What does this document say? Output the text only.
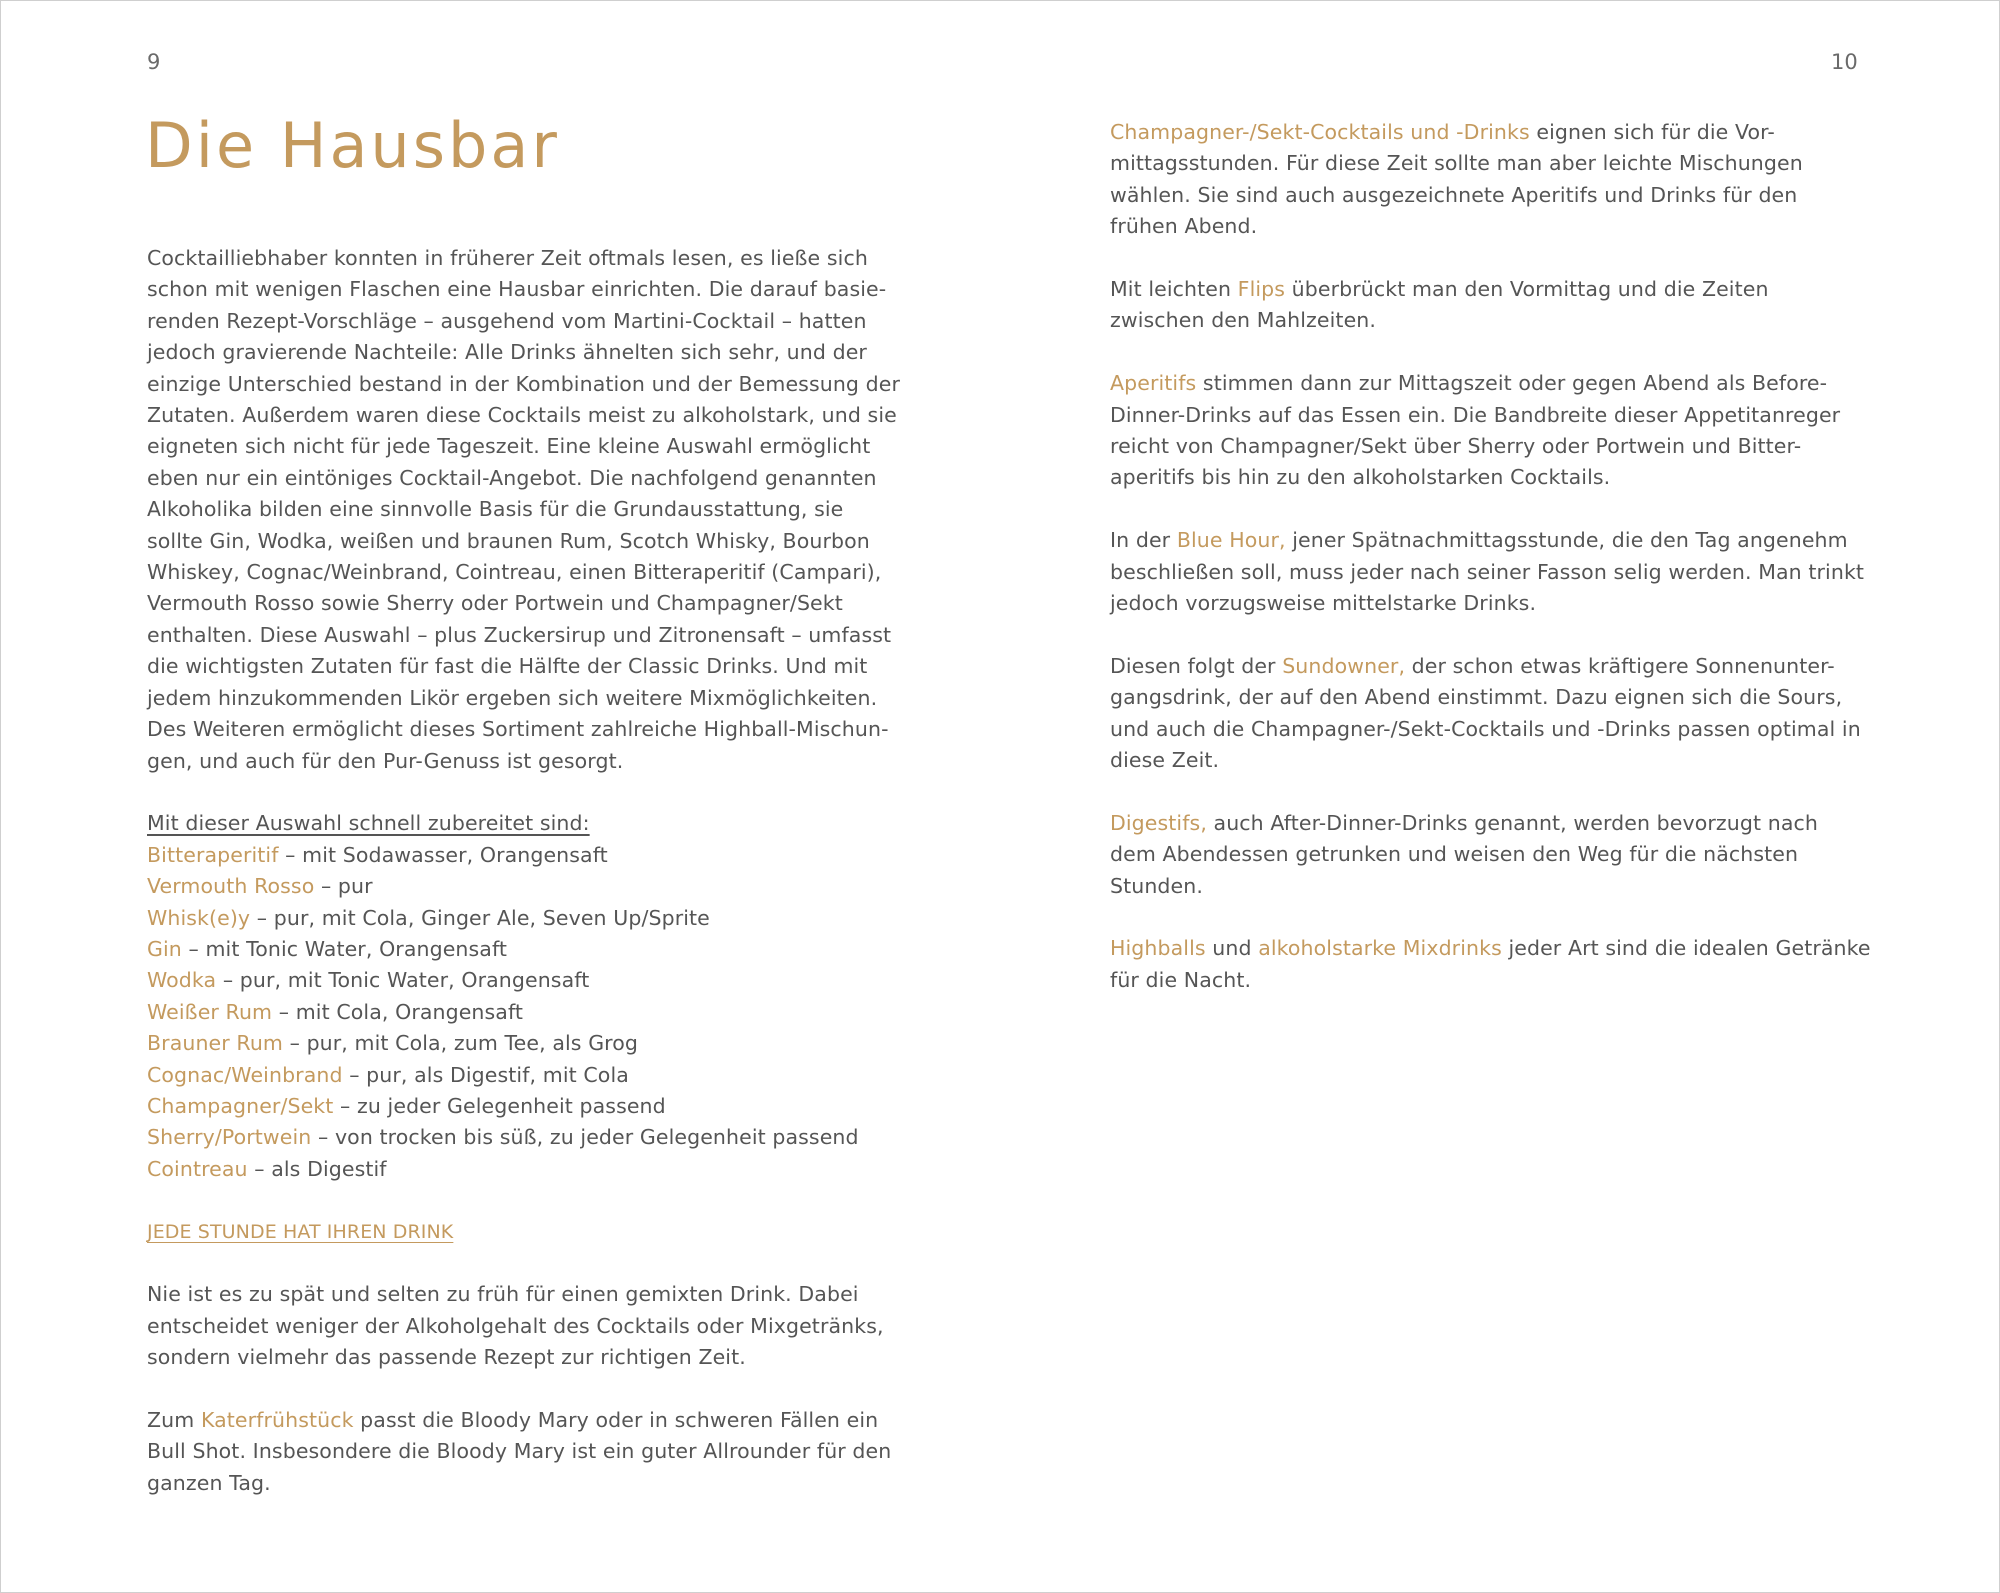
9	10
Die Hausbar

Cocktailliebhaber konnten in früherer Zeit oftmals lesen, es ließe sich

schon mit wenigen Flaschen eine Hausbar einrichten. Die darauf basie-

renden Rezept-Vorschläge – ausgehend vom Martini-Cocktail – hatten

jedoch gravierende Nachteile: Alle Drinks ähnelten sich sehr, und der

einzige Unterschied bestand in der Kombination und der Bemessung der

Zutaten. Außerdem waren diese Cocktails meist zu alkoholstark, und sie

eigneten sich nicht für jede Tageszeit. Eine kleine Auswahl ermöglicht

eben nur ein eintöniges Cocktail-Angebot. Die nachfolgend genannten

Alkoholika bilden eine sinnvolle Basis für die Grundausstattung, sie

sollte Gin, Wodka, weißen und braunen Rum, Scotch Whisky, Bourbon

Whiskey, Cognac/Weinbrand, Cointreau, einen Bitteraperitif (Campari),

Vermouth Rosso sowie Sherry oder Portwein und Champagner/Sekt

enthalten. Diese Auswahl – plus Zuckersirup und Zitronensaft – umfasst

die wichtigsten Zutaten für fast die Hälfte der Classic Drinks. Und mit

jedem hinzukommenden Likör ergeben sich weitere Mixmöglichkeiten.

Des Weiteren ermöglicht dieses Sortiment zahlreiche Highball-Mischun-

gen, und auch für den Pur-Genuss ist gesorgt.

Mit dieser Auswahl schnell zubereitet sind:

Bitteraperitif – mit Sodawasser, Orangensaft

Vermouth Rosso – pur

Whisk(e)y – pur, mit Cola, Ginger Ale, Seven Up/Sprite

Gin – mit Tonic Water, Orangensaft

Wodka – pur, mit Tonic Water, Orangensaft

Weißer Rum – mit Cola, Orangensaft

Brauner Rum – pur, mit Cola, zum Tee, als Grog

Cognac/Weinbrand – pur, als Digestif, mit Cola

Champagner/Sekt – zu jeder Gelegenheit passend

Sherry/Portwein – von trocken bis süß, zu jeder Gelegenheit passend

Cointreau – als Digestif

JEDE STUNDE HAT IHREN DRINK

Nie ist es zu spät und selten zu früh für einen gemixten Drink. Dabei

entscheidet weniger der Alkoholgehalt des Cocktails oder Mixgetränks,

sondern vielmehr das passende Rezept zur richtigen Zeit.

Zum Katerfrühstück passt die Bloody Mary oder in schweren Fällen ein

Bull Shot. Insbesondere die Bloody Mary ist ein guter Allrounder für den

ganzen Tag.

Champagner-/Sekt-Cocktails und -Drinks eignen sich für die Vor-

mittagsstunden. Für diese Zeit sollte man aber leichte Mischungen

wählen. Sie sind auch ausgezeichnete Aperitifs und Drinks für den

frühen Abend.

Mit leichten Flips überbrückt man den Vormittag und die Zeiten

zwischen den Mahlzeiten.

Aperitifs stimmen dann zur Mittagszeit oder gegen Abend als Before-

Dinner-Drinks auf das Essen ein. Die Bandbreite dieser Appetitanreger

reicht von Champagner/Sekt über Sherry oder Portwein und Bitter-

aperitifs bis hin zu den alkoholstarken Cocktails.

In der Blue Hour, jener Spätnachmittagsstunde, die den Tag angenehm

beschließen soll, muss jeder nach seiner Fasson selig werden. Man trinkt

jedoch vorzugsweise mittelstarke Drinks.

Diesen folgt der Sundowner, der schon etwas kräftigere Sonnenunter-

gangsdrink, der auf den Abend einstimmt. Dazu eignen sich die Sours,

und auch die Champagner-/Sekt-Cocktails und -Drinks passen optimal in

diese Zeit.

Digestifs, auch After-Dinner-Drinks genannt, werden bevorzugt nach

dem Abendessen getrunken und weisen den Weg für die nächsten

Stunden.

Highballs und alkoholstarke Mixdrinks jeder Art sind die idealen Getränke

für die Nacht.
